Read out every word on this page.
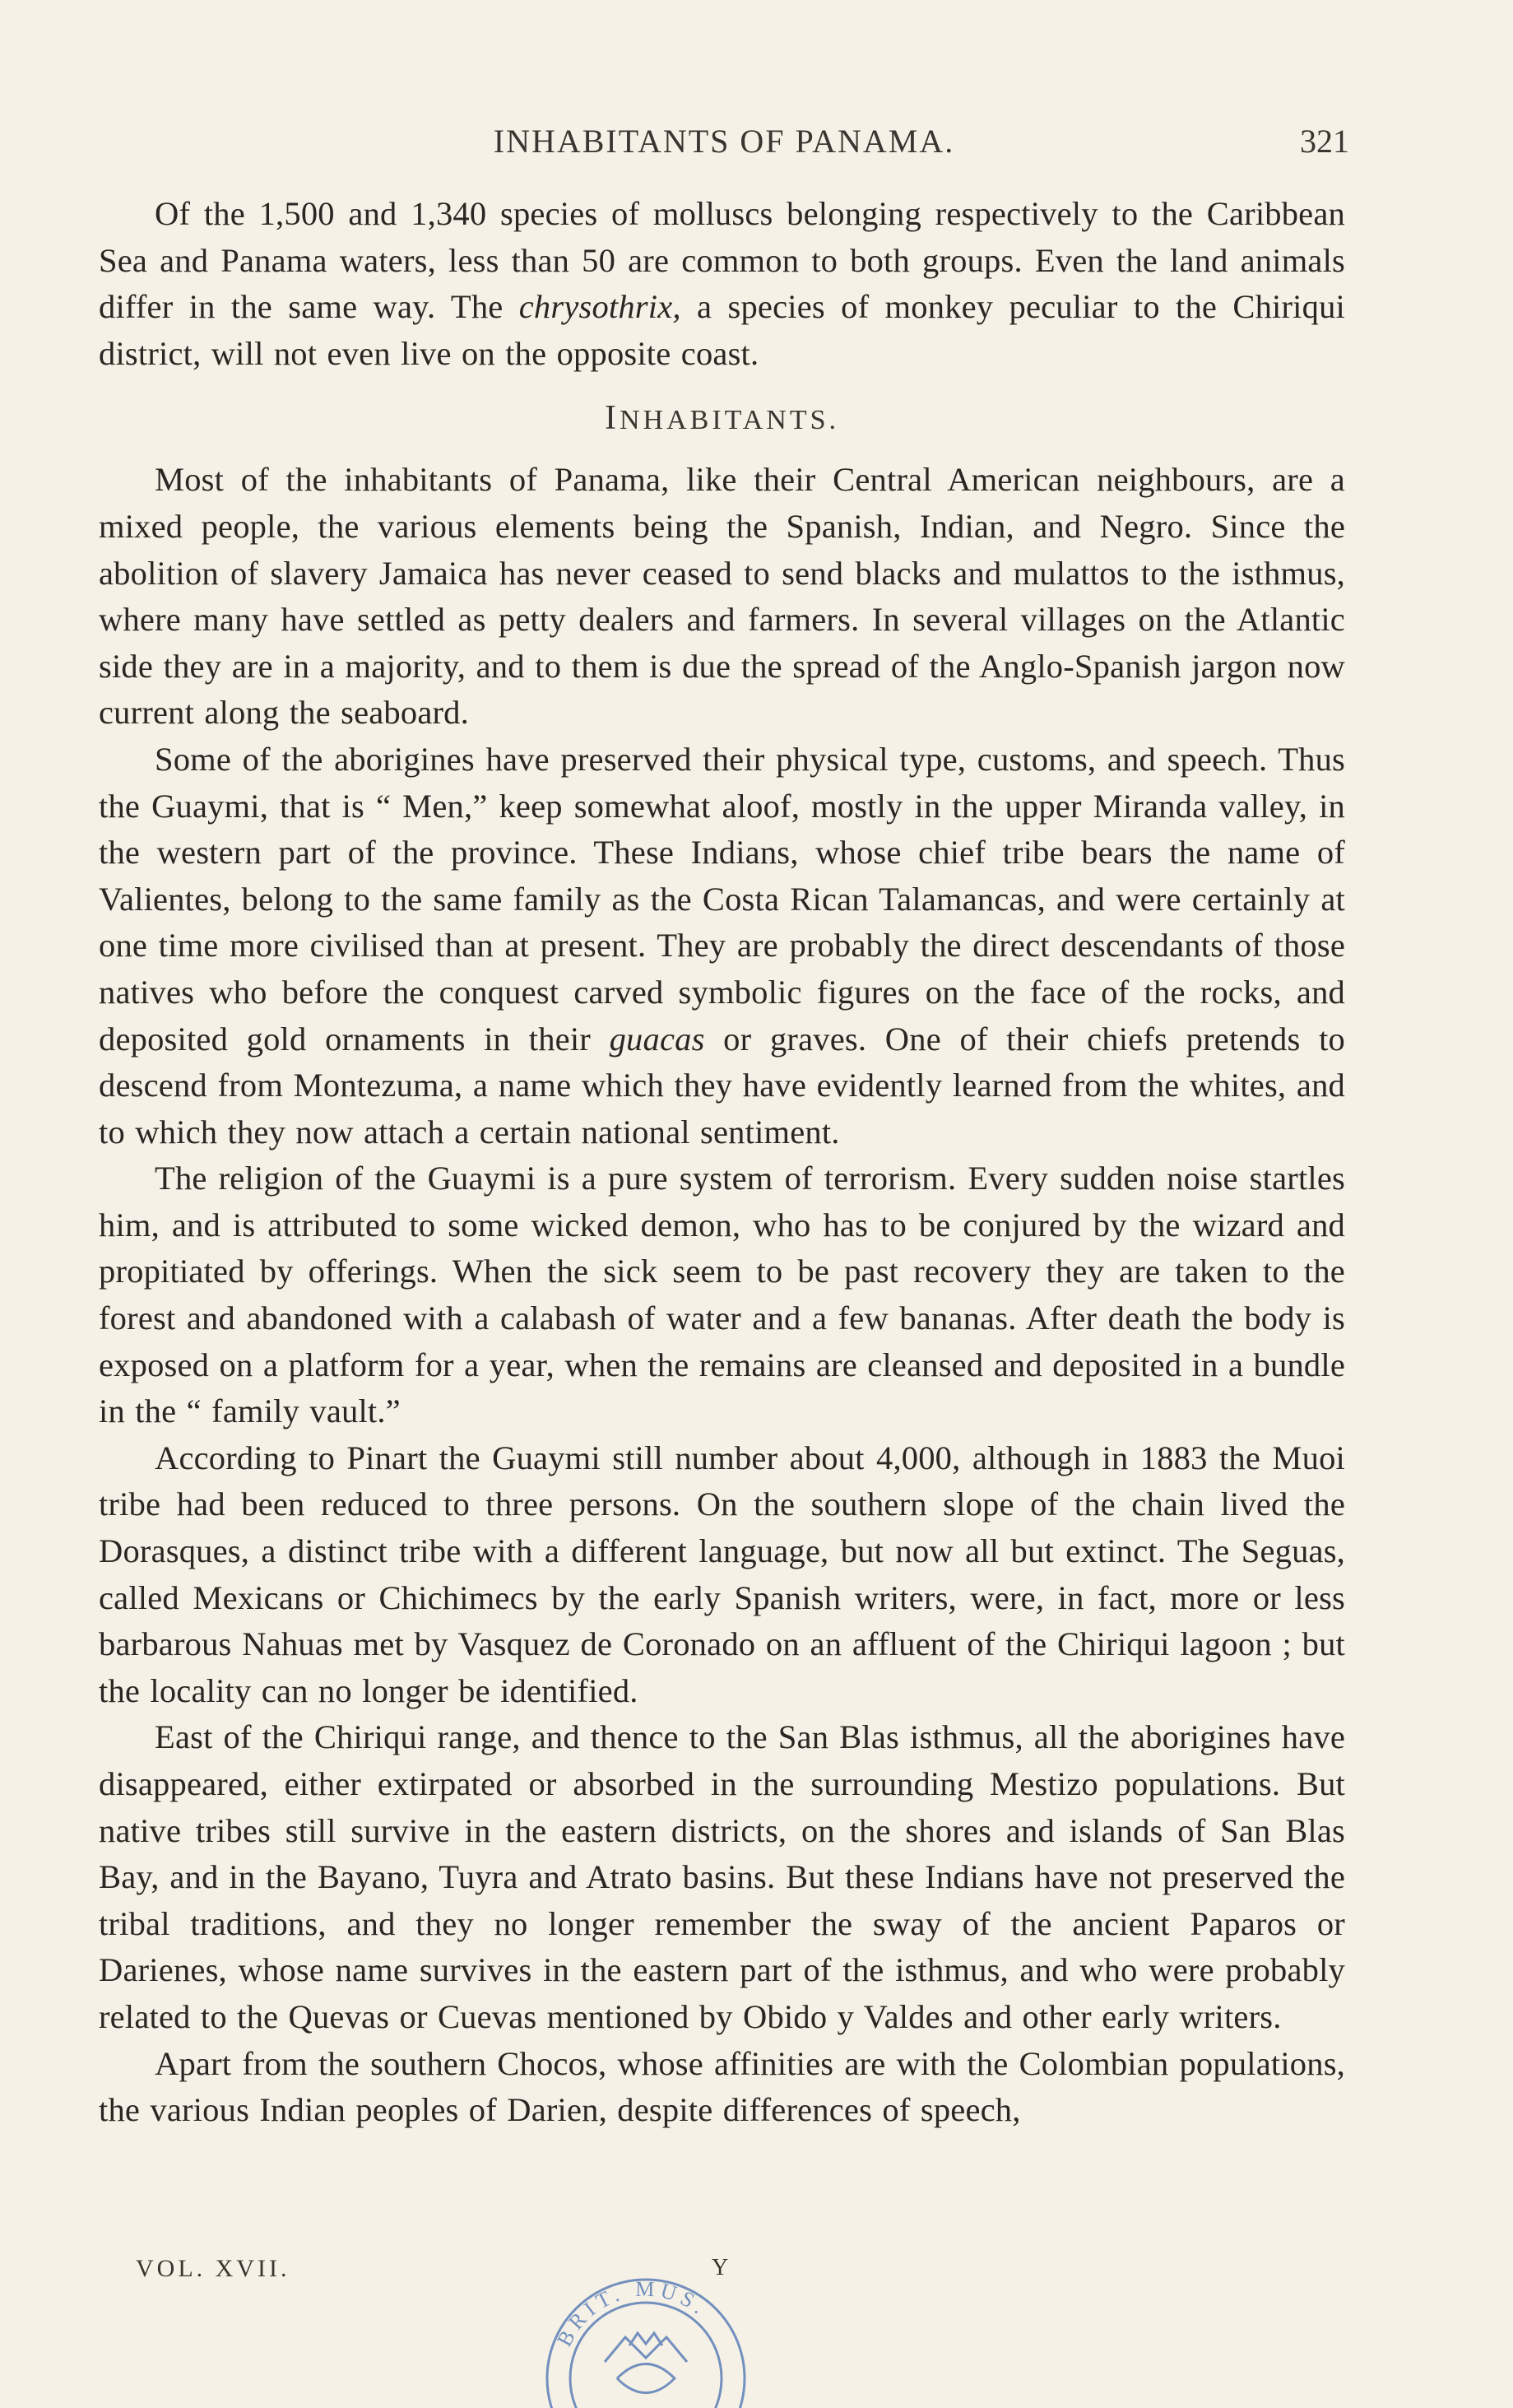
INHABITANTS OF PANAMA.	321

Of the 1,500 and 1,340 species of molluscs belonging respectively to the Caribbean Sea and Panama waters, less than 50 are common to both groups. Even the land animals differ in the same way. The chrysothrix, a species of monkey peculiar to the Chiriqui district, will not even live on the opposite coast.

INHABITANTS.

Most of the inhabitants of Panama, like their Central American neighbours, are a mixed people, the various elements being the Spanish, Indian, and Negro. Since the abolition of slavery Jamaica has never ceased to send blacks and mulattos to the isthmus, where many have settled as petty dealers and farmers. In several villages on the Atlantic side they are in a majority, and to them is due the spread of the Anglo-Spanish jargon now current along the seaboard.

Some of the aborigines have preserved their physical type, customs, and speech. Thus the Guaymi, that is “ Men,” keep somewhat aloof, mostly in the upper Miranda valley, in the western part of the province. These Indians, whose chief tribe bears the name of Valientes, belong to the same family as the Costa Rican Talamancas, and were certainly at one time more civilised than at present. They are probably the direct descendants of those natives who before the conquest carved symbolic figures on the face of the rocks, and deposited gold ornaments in their guacas or graves. One of their chiefs pretends to descend from Montezuma, a name which they have evidently learned from the whites, and to which they now attach a certain national sentiment.

The religion of the Guaymi is a pure system of terrorism. Every sudden noise startles him, and is attributed to some wicked demon, who has to be conjured by the wizard and propitiated by offerings. When the sick seem to be past recovery they are taken to the forest and abandoned with a calabash of water and a few bananas. After death the body is exposed on a platform for a year, when the remains are cleansed and deposited in a bundle in the “ family vault.”

According to Pinart the Guaymi still number about 4,000, although in 1883 the Muoi tribe had been reduced to three persons. On the southern slope of the chain lived the Dorasques, a distinct tribe with a different language, but now all but extinct. The Seguas, called Mexicans or Chichimecs by the early Spanish writers, were, in fact, more or less barbarous Nahuas met by Vasquez de Coronado on an affluent of the Chiriqui lagoon ; but the locality can no longer be identified.

East of the Chiriqui range, and thence to the San Blas isthmus, all the aborigines have disappeared, either extirpated or absorbed in the surrounding Mestizo populations. But native tribes still survive in the eastern districts, on the shores and islands of San Blas Bay, and in the Bayano, Tuyra and Atrato basins. But these Indians have not preserved the tribal traditions, and they no longer remember the sway of the ancient Paparos or Darienes, whose name survives in the eastern part of the isthmus, and who were probably related to the Quevas or Cuevas mentioned by Obido y Valdes and other early writers.

Apart from the southern Chocos, whose affinities are with the Colombian populations, the various Indian peoples of Darien, despite differences of speech,

VOL. XVII.	Y
BRIT. MUS.
